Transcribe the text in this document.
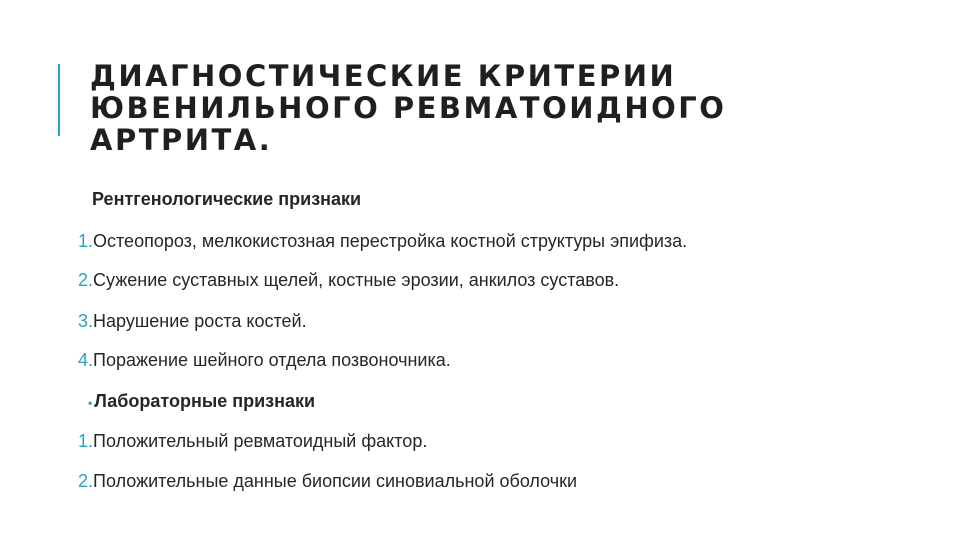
ДИАГНОСТИЧЕСКИЕ КРИТЕРИИ
ЮВЕНИЛЬНОГО РЕВМАТОИДНОГО
АРТРИТА.
Рентгенологические признаки
1.Остеопороз, мелкокистозная перестройка костной структуры эпифиза.
2.Сужение суставных щелей, костные эрозии, анкилоз суставов.
3.Нарушение роста костей.
4.Поражение шейного отдела позвоночника.
• Лабораторные признаки
1.Положительный ревматоидный фактор.
2.Положительные данные биопсии синовиальной оболочки
